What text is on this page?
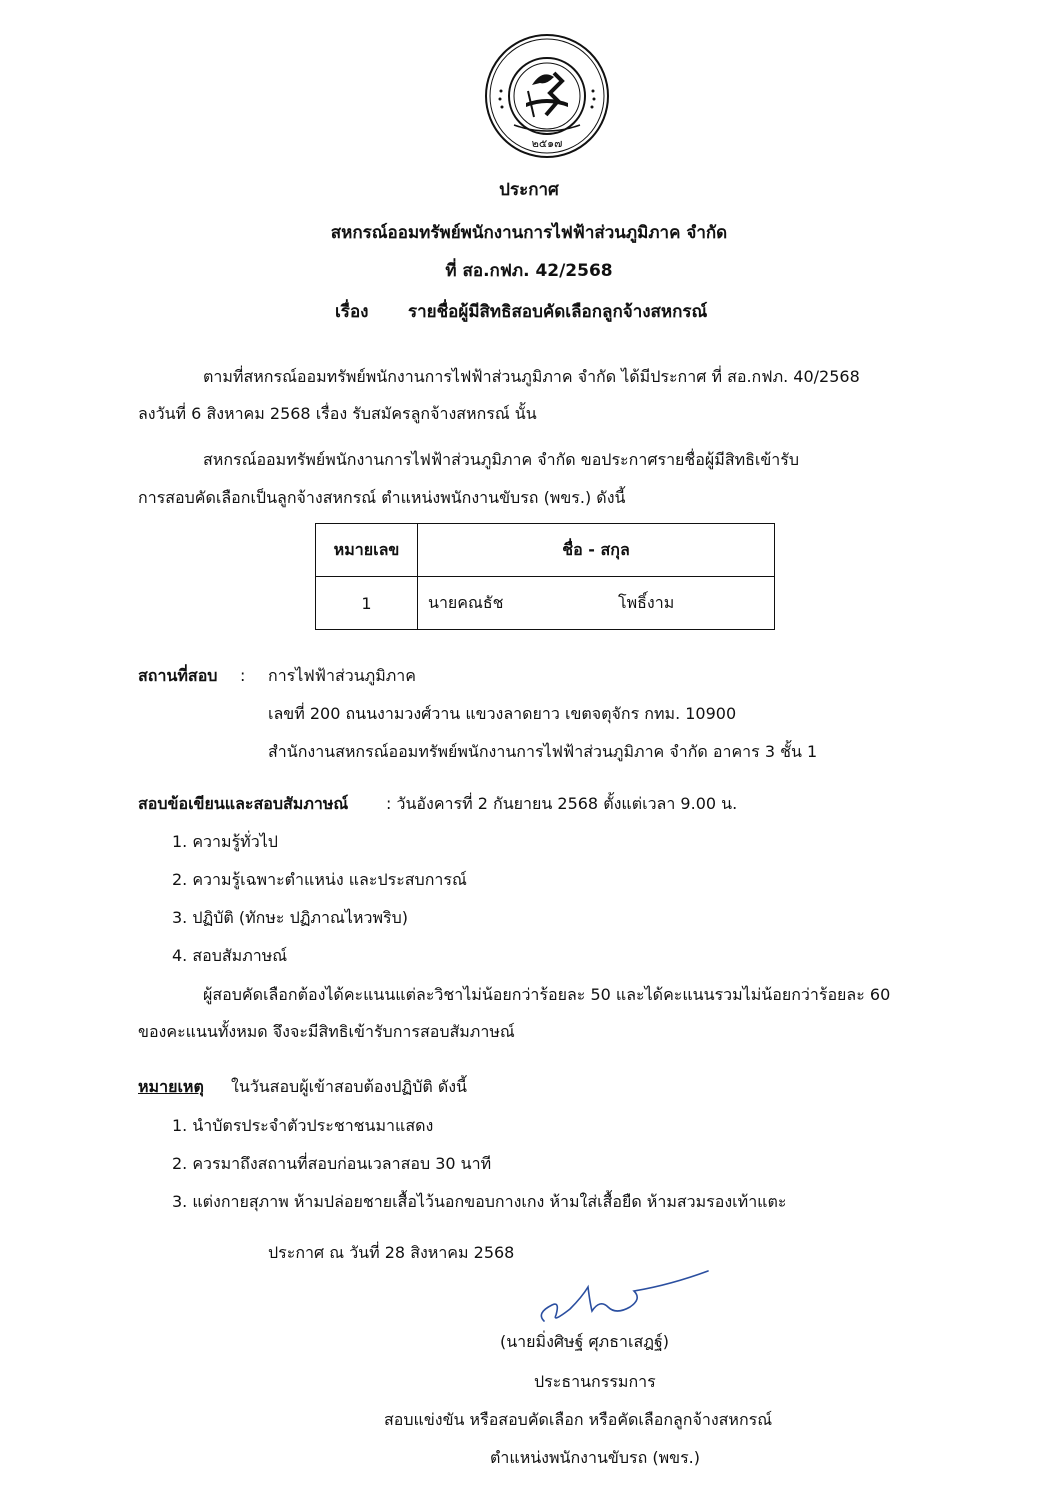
๒๕๑๗
ประกาศ
สหกรณ์ออมทรัพย์พนักงานการไฟฟ้าส่วนภูมิภาค จำกัด
ที่ สอ.กฟภ. 42/2568
เรื่อง รายชื่อผู้มีสิทธิสอบคัดเลือกลูกจ้างสหกรณ์
ตามที่สหกรณ์ออมทรัพย์พนักงานการไฟฟ้าส่วนภูมิภาค จำกัด ได้มีประกาศ ที่ สอ.กฟภ. 40/2568
ลงวันที่ 6 สิงหาคม 2568 เรื่อง รับสมัครลูกจ้างสหกรณ์ นั้น
สหกรณ์ออมทรัพย์พนักงานการไฟฟ้าส่วนภูมิภาค จำกัด ขอประกาศรายชื่อผู้มีสิทธิเข้ารับ
การสอบคัดเลือกเป็นลูกจ้างสหกรณ์ ตำแหน่งพนักงานขับรถ (พขร.) ดังนี้
หมายเลข	ชื่อ - สกุล
1	นายคณธัช โพธิ์งาม
สถานที่สอบ : การไฟฟ้าส่วนภูมิภาค
เลขที่ 200 ถนนงามวงศ์วาน แขวงลาดยาว เขตจตุจักร กทม. 10900
สำนักงานสหกรณ์ออมทรัพย์พนักงานการไฟฟ้าส่วนภูมิภาค จำกัด อาคาร 3 ชั้น 1
สอบข้อเขียนและสอบสัมภาษณ์ : วันอังคารที่ 2 กันยายน 2568 ตั้งแต่เวลา 9.00 น.
1. ความรู้ทั่วไป
2. ความรู้เฉพาะตำแหน่ง และประสบการณ์
3. ปฏิบัติ (ทักษะ ปฏิภาณไหวพริบ)
4. สอบสัมภาษณ์
ผู้สอบคัดเลือกต้องได้คะแนนแต่ละวิชาไม่น้อยกว่าร้อยละ 50 และได้คะแนนรวมไม่น้อยกว่าร้อยละ 60
ของคะแนนทั้งหมด จึงจะมีสิทธิเข้ารับการสอบสัมภาษณ์
หมายเหตุ ในวันสอบผู้เข้าสอบต้องปฏิบัติ ดังนี้
1. นำบัตรประจำตัวประชาชนมาแสดง
2. ควรมาถึงสถานที่สอบก่อนเวลาสอบ 30 นาที
3. แต่งกายสุภาพ ห้ามปล่อยชายเสื้อไว้นอกขอบกางเกง ห้ามใส่เสื้อยืด ห้ามสวมรองเท้าแตะ
ประกาศ ณ วันที่ 28 สิงหาคม 2568
(นายมิ่งศิษฐ์ ศุภธาเสฎฐ์)
ประธานกรรมการ
สอบแข่งขัน หรือสอบคัดเลือก หรือคัดเลือกลูกจ้างสหกรณ์
ตำแหน่งพนักงานขับรถ (พขร.)
